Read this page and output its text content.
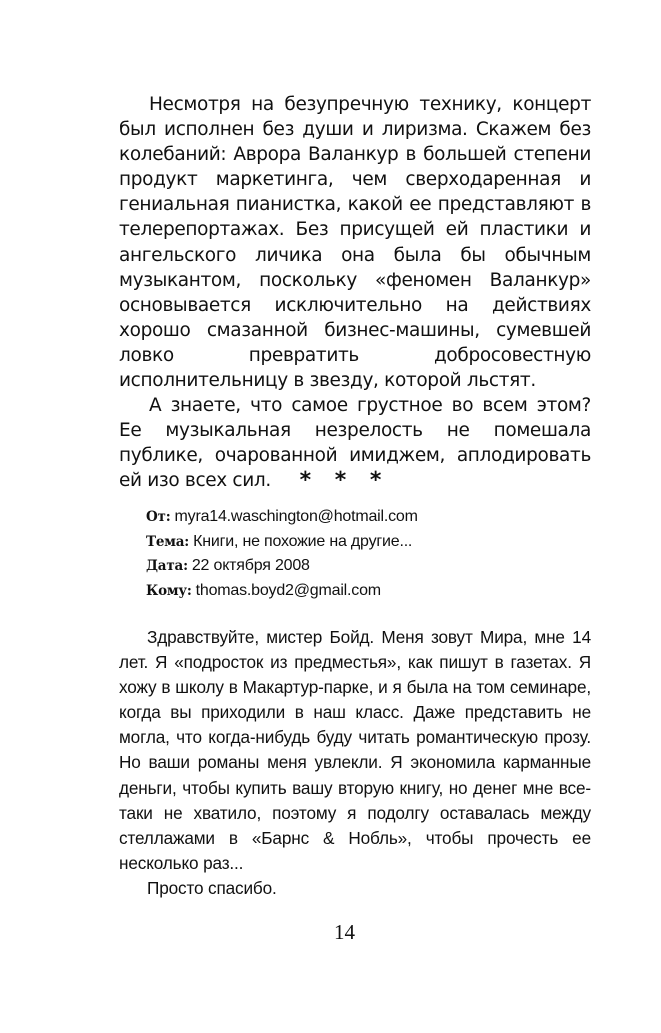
Несмотря на безупречную технику, концерт был исполнен без души и лиризма. Скажем без колебаний: Аврора Валанкур в большей степени продукт маркетинга, чем сверходаренная и гениальная пианистка, какой ее представляют в телерепортажах. Без присущей ей пластики и ангельского личика она была бы обычным музыкантом, поскольку «феномен Валанкур» основывается исключительно на действиях хорошо смазанной бизнес-машины, сумевшей ловко превратить добросовестную исполнительницу в звезду, которой льстят.

А знаете, что самое грустное во всем этом? Ее музыкальная незрелость не помешала публике, очарованной имиджем, аплодировать ей изо всех сил.	* * *
От: myra14.waschington@hotmail.com
Тема: Книги, не похожие на другие...
Дата: 22 октября 2008
Кому: thomas.boyd2@gmail.com

Здравствуйте, мистер Бойд. Меня зовут Мира, мне 14 лет. Я «подросток из предместья», как пишут в газетах. Я хожу в школу в Макартур-парке, и я была на том семинаре, когда вы приходили в наш класс. Даже представить не могла, что когда-нибудь буду читать романтическую прозу. Но ваши романы меня увлекли. Я экономила карманные деньги, чтобы купить вашу вторую книгу, но денег мне все-таки не хватило, поэтому я подолгу оставалась между стеллажами в «Барнс & Нобль», чтобы прочесть ее несколько раз...

Просто спасибо.

14
